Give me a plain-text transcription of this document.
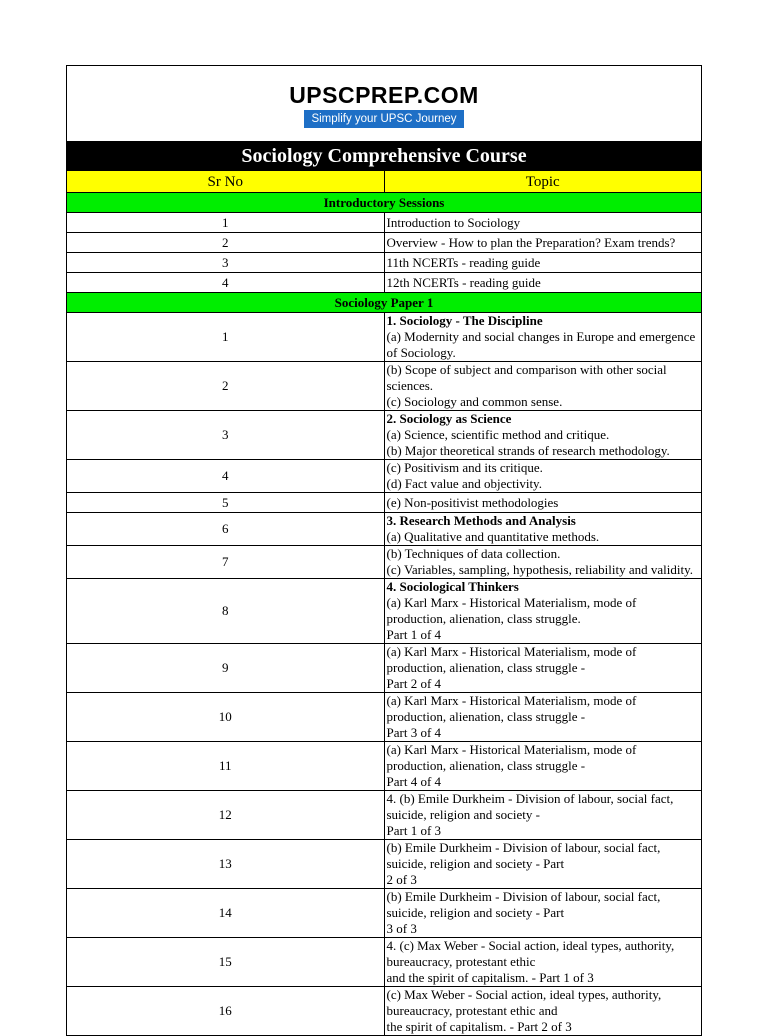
UPSCPREP.COM
Simplify your UPSC Journey
Sociology Comprehensive Course	
Sr No	Topic
Introductory Sessions	
1	Introduction to Sociology

2	Overview - How to plan the Preparation? Exam trends?

3	11th NCERTs - reading guide

4	12th NCERTs - reading guide

Sociology Paper 1	
1	1. Sociology - The Discipline
(a) Modernity and social changes in Europe and emergence of Sociology.

2	(b) Scope of subject and comparison with other social sciences.
(c) Sociology and common sense.

3	2. Sociology as Science
(a) Science, scientific method and critique.
(b) Major theoretical strands of research methodology.

4	(c) Positivism and its critique.
(d) Fact value and objectivity.

5	(e) Non-positivist methodologies

6	3. Research Methods and Analysis
(a) Qualitative and quantitative methods.

7	(b) Techniques of data collection.
(c) Variables, sampling, hypothesis, reliability and validity.

8	4. Sociological Thinkers
(a) Karl Marx - Historical Materialism, mode of production, alienation, class struggle.
Part 1 of 4

9	(a) Karl Marx - Historical Materialism, mode of production, alienation, class struggle -
Part 2 of 4

10	(a) Karl Marx - Historical Materialism, mode of production, alienation, class struggle -
Part 3 of 4

11	(a) Karl Marx - Historical Materialism, mode of production, alienation, class struggle -
Part 4 of 4

12	4. (b) Emile Durkheim - Division of labour, social fact, suicide, religion and society -
Part 1 of 3

13	(b) Emile Durkheim - Division of labour, social fact, suicide, religion and society - Part
2 of 3

14	(b) Emile Durkheim - Division of labour, social fact, suicide, religion and society - Part
3 of 3

15	4. (c) Max Weber - Social action, ideal types, authority, bureaucracy, protestant ethic
and the spirit of capitalism. - Part 1 of 3

16	(c) Max Weber - Social action, ideal types, authority, bureaucracy, protestant ethic and
the spirit of capitalism. - Part 2 of 3
